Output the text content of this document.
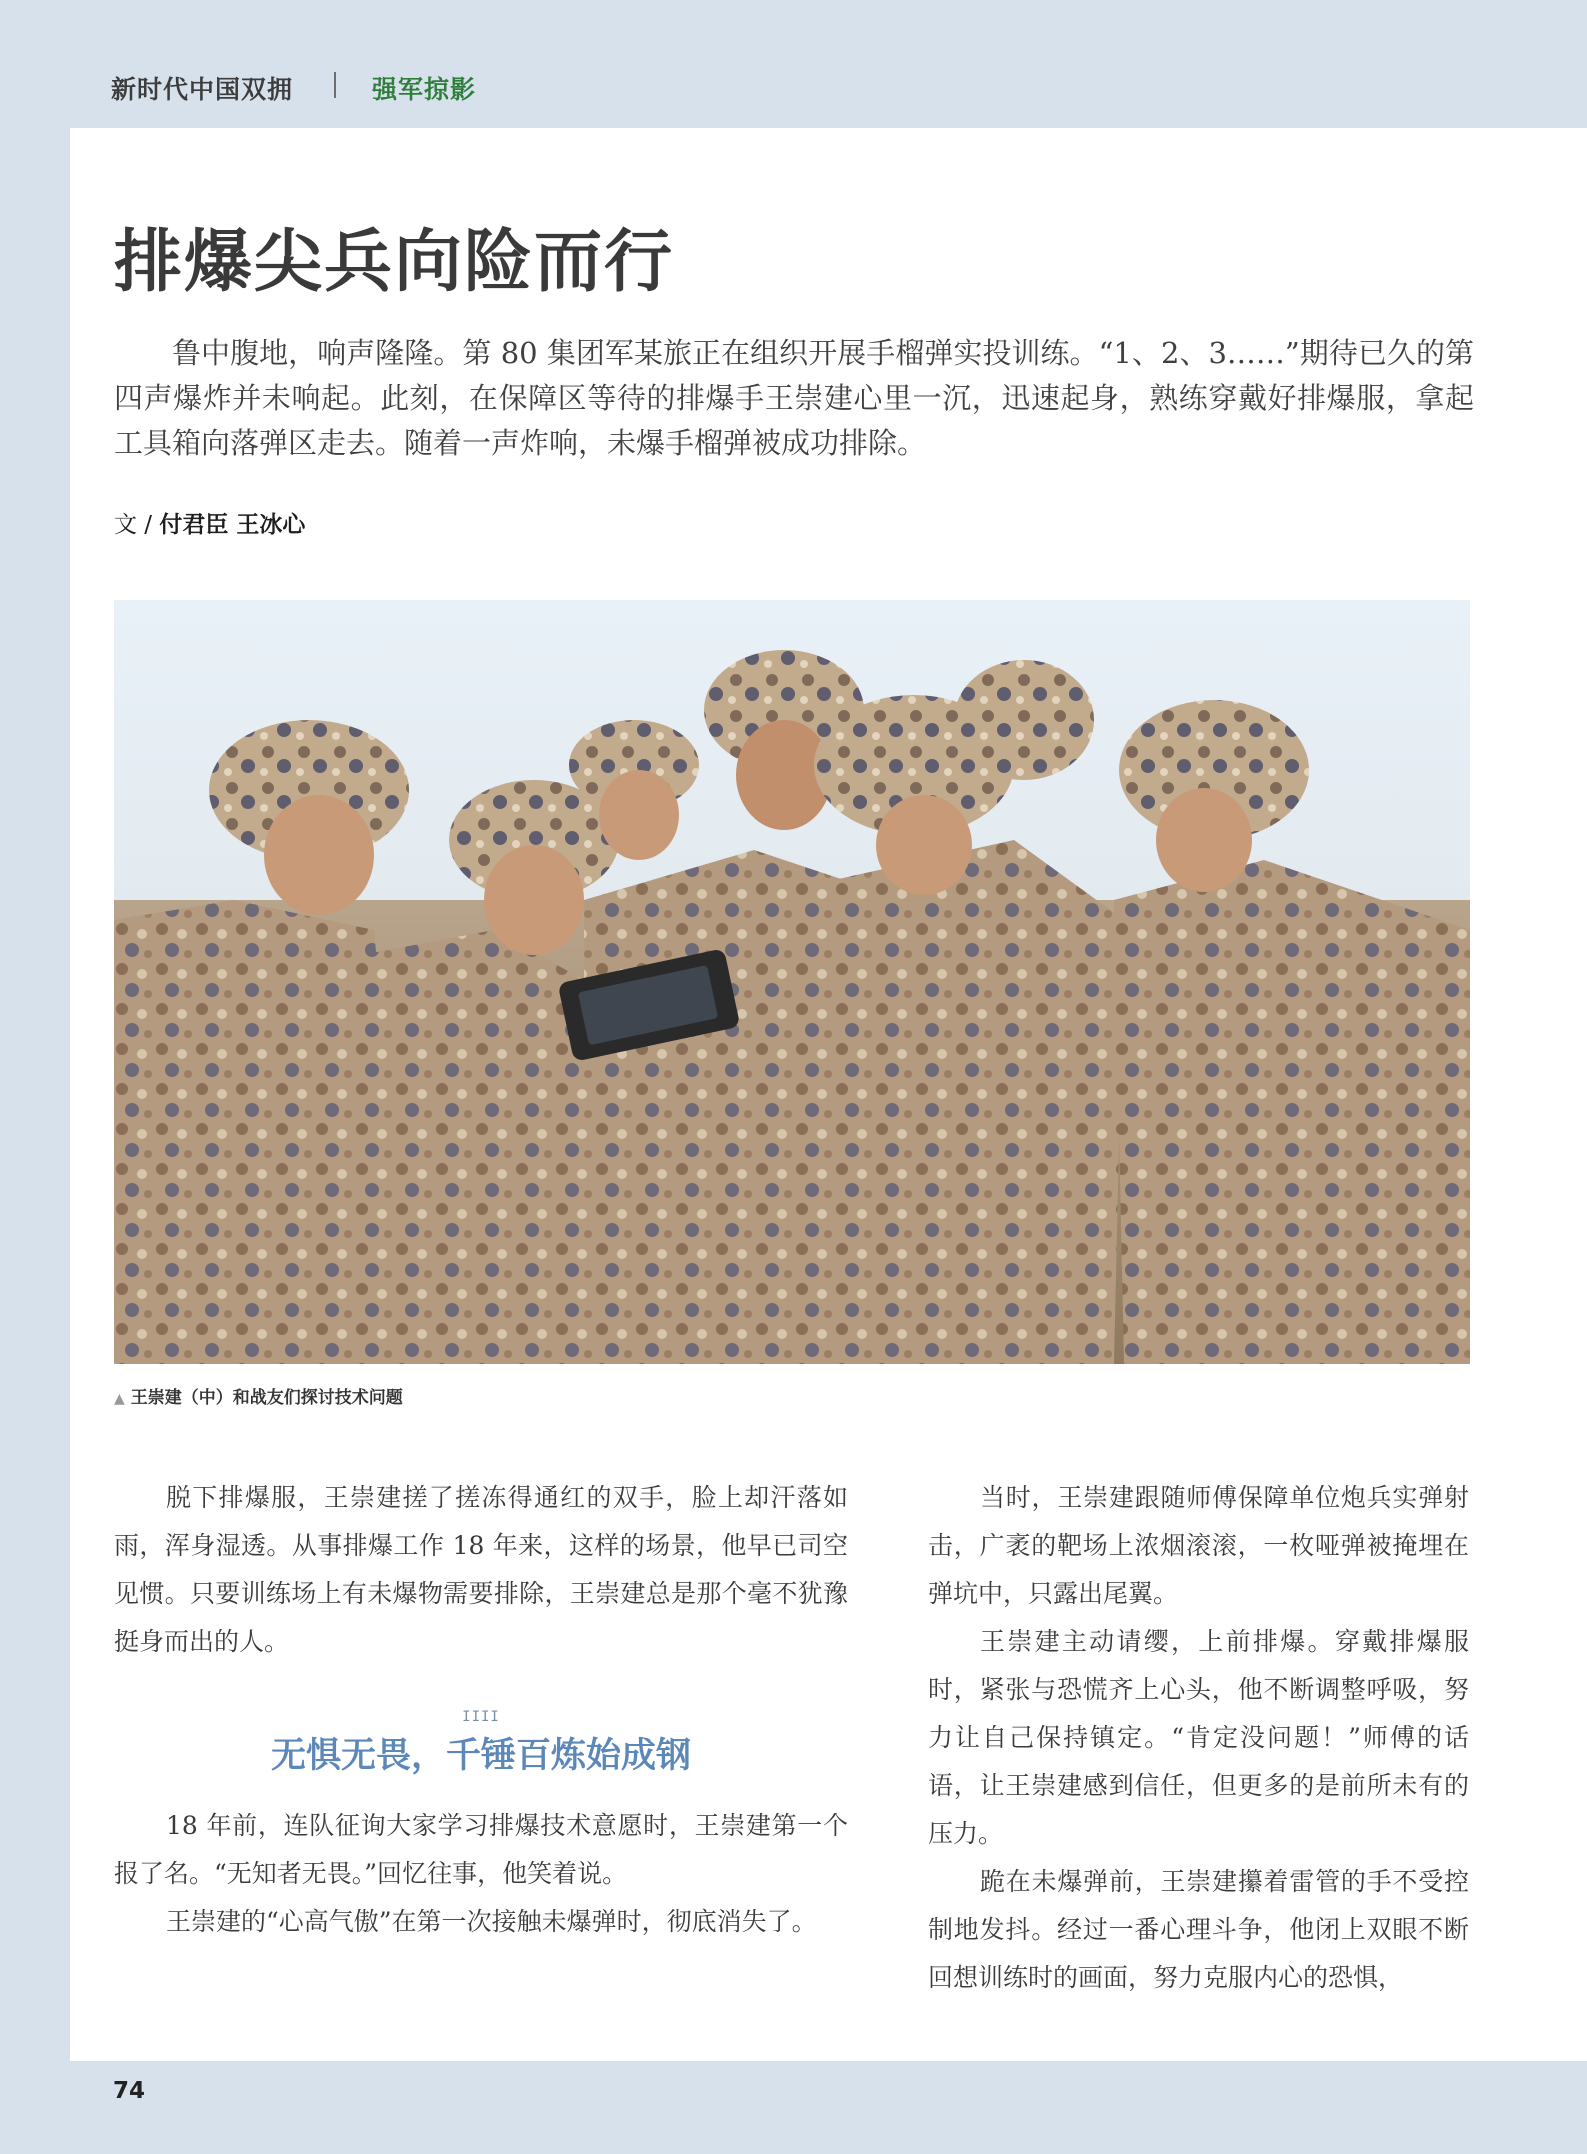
新时代中国双拥	强军掠影
排爆尖兵向险而行
鲁中腹地，响声隆隆。第 80 集团军某旅正在组织开展手榴弹实投训练。“1、2、3……”期待已久的第四声爆炸并未响起。此刻，在保障区等待的排爆手王崇建心里一沉，迅速起身，熟练穿戴好排爆服，拿起工具箱向落弹区走去。随着一声炸响，未爆手榴弹被成功排除。
文 / 付君臣 王冰心
▲ 王崇建（中）和战友们探讨技术问题

脱下排爆服，王崇建搓了搓冻得通红的双手，脸上却汗落如雨，浑身湿透。从事排爆工作 18 年来，这样的场景，他早已司空见惯。只要训练场上有未爆物需要排除，王崇建总是那个毫不犹豫挺身而出的人。

IIII
无惧无畏，千锤百炼始成钢

18 年前，连队征询大家学习排爆技术意愿时，王崇建第一个报了名。“无知者无畏。”回忆往事，他笑着说。

王崇建的“心高气傲”在第一次接触未爆弹时，彻底消失了。

当时，王崇建跟随师傅保障单位炮兵实弹射击，广袤的靶场上浓烟滚滚，一枚哑弹被掩埋在弹坑中，只露出尾翼。

王崇建主动请缨，上前排爆。穿戴排爆服时，紧张与恐慌齐上心头，他不断调整呼吸，努力让自己保持镇定。“肯定没问题！”师傅的话语，让王崇建感到信任，但更多的是前所未有的压力。

跪在未爆弹前，王崇建攥着雷管的手不受控制地发抖。经过一番心理斗争，他闭上双眼不断回想训练时的画面，努力克服内心的恐惧，

74
